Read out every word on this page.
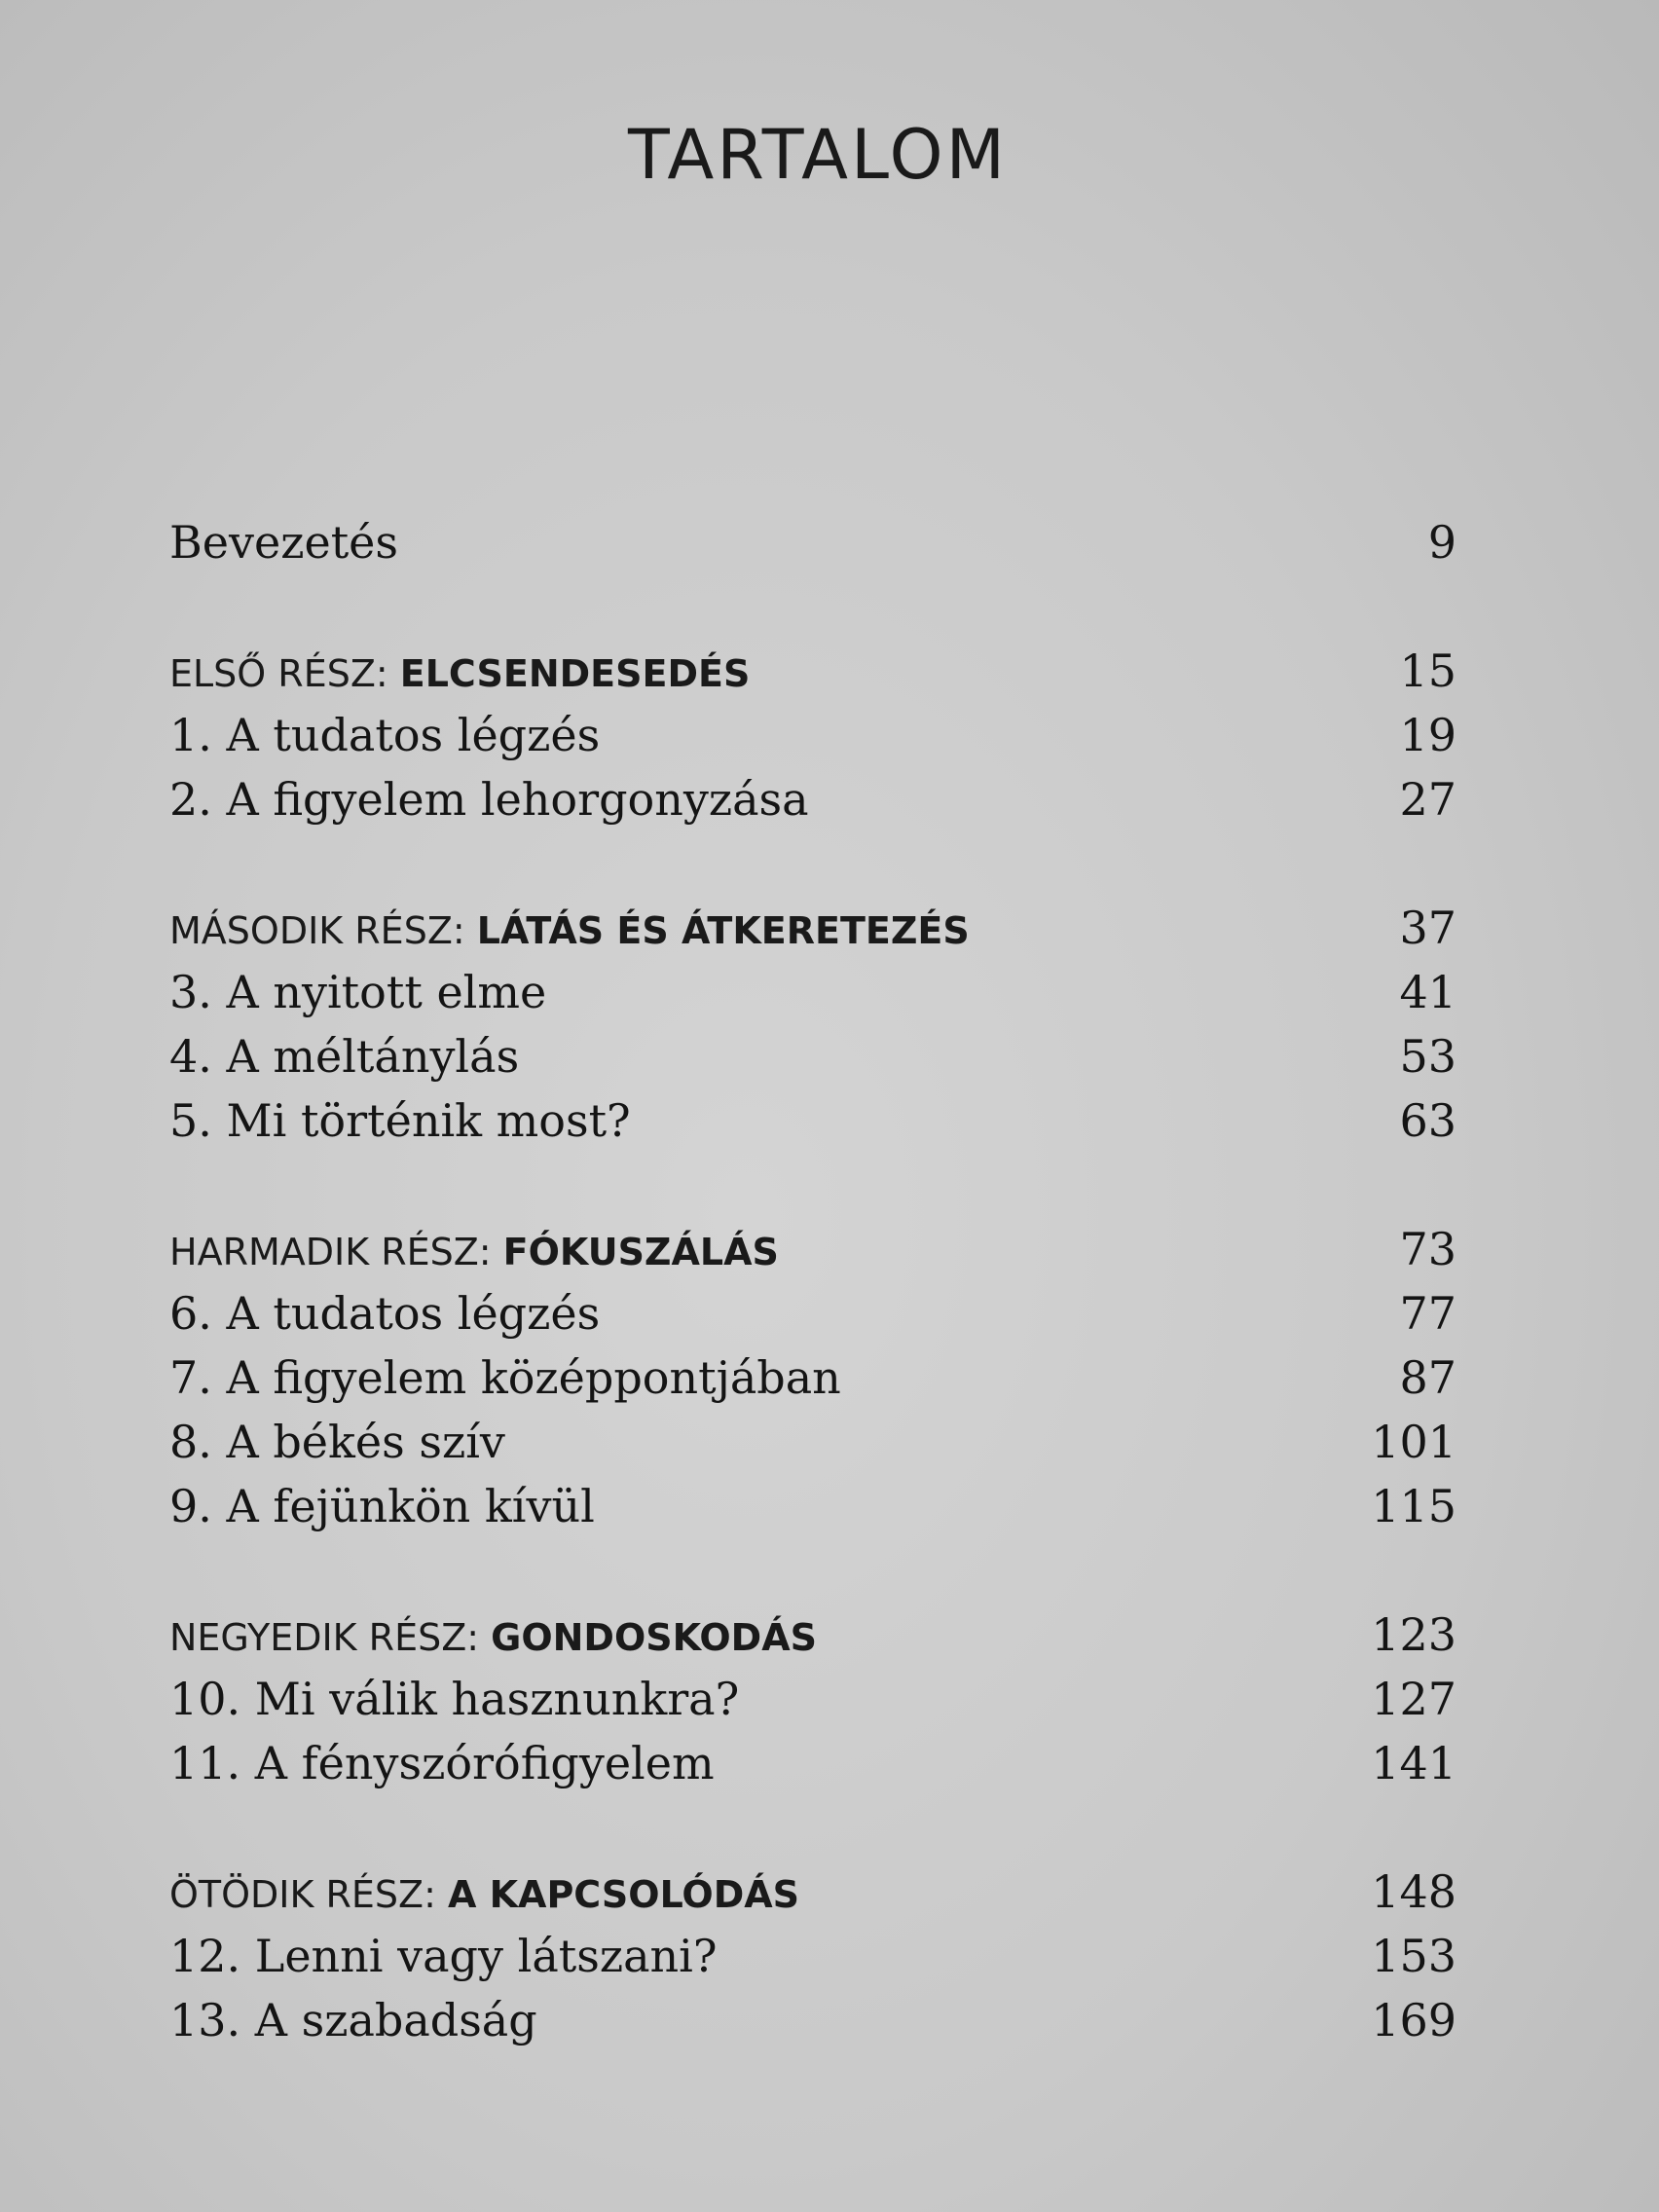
TARTALOM
Bevezetés	9
ELSŐ RÉSZ: ELCSENDESEDÉS	15
1. A tudatos légzés	19
2. A figyelem lehorgonyzása	27
MÁSODIK RÉSZ: LÁTÁS ÉS ÁTKERETEZÉS	37
3. A nyitott elme	41
4. A méltánylás	53
5. Mi történik most?	63
HARMADIK RÉSZ: FÓKUSZÁLÁS	73
6. A tudatos légzés	77
7. A figyelem középpontjában	87
8. A békés szív	101
9. A fejünkön kívül	115
NEGYEDIK RÉSZ: GONDOSKODÁS	123
10. Mi válik hasznunkra?	127
11. A fényszórófigyelem	141
ÖTÖDIK RÉSZ: A KAPCSOLÓDÁS	148
12. Lenni vagy látszani?	153
13. A szabadság	169
